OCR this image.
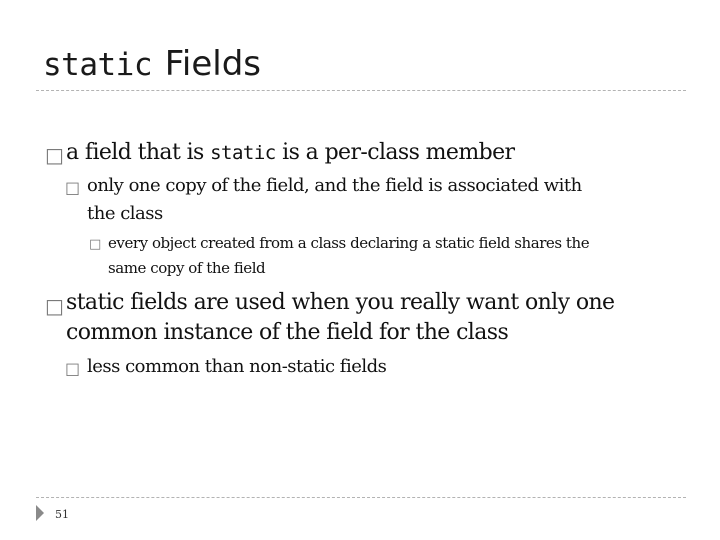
static Fields
□ a field that is static is a per-class member
□ only one copy of the field, and the field is associated with
the class
□ every object created from a class declaring a static field shares the
same copy of the field
□ static fields are used when you really want only one
common instance of the field for the class
□ less common than non-static fields
51
